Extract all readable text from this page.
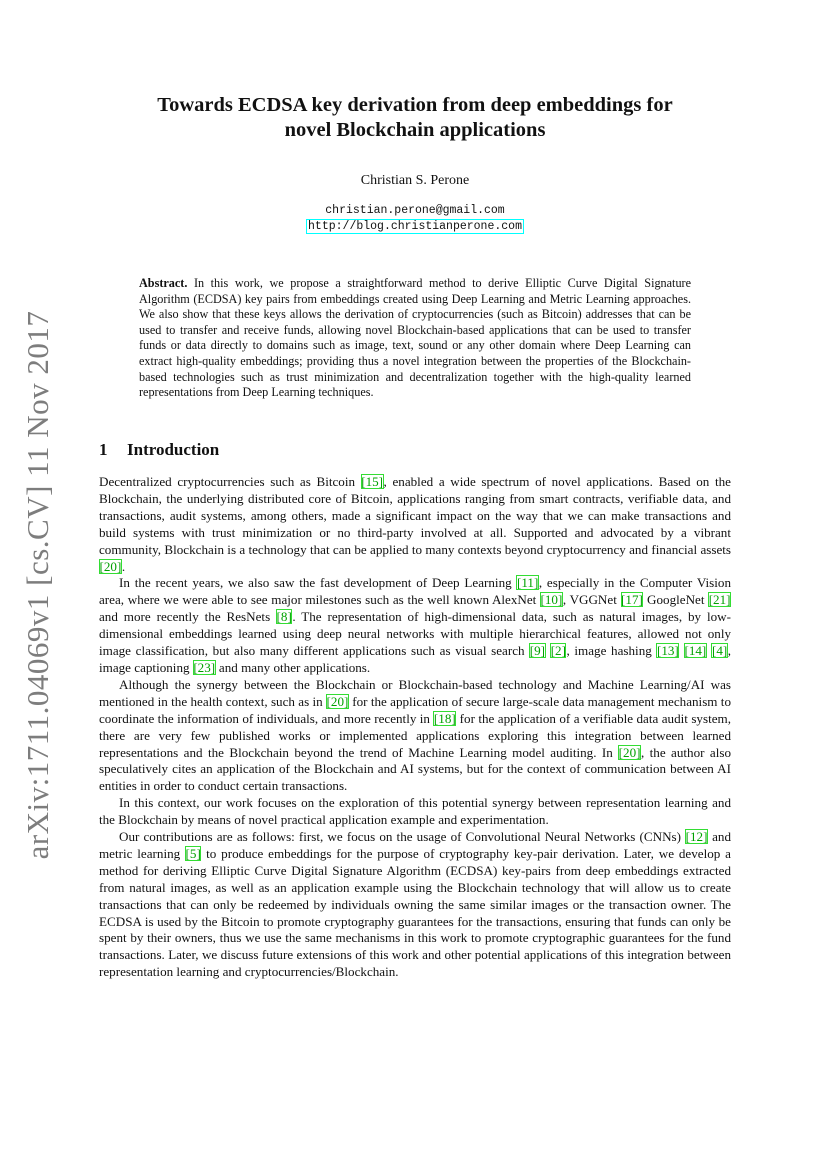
arXiv:1711.04069v1 [cs.CV] 11 Nov 2017
Towards ECDSA key derivation from deep embeddings for
novel Blockchain applications
Christian S. Perone
christian.perone@gmail.com
http://blog.christianperone.com

Abstract. In this work, we propose a straightforward method to derive Elliptic Curve Digital Signature Algorithm (ECDSA) key pairs from embeddings created using Deep Learning and Metric Learning approaches. We also show that these keys allows the derivation of cryptocurrencies (such as Bitcoin) addresses that can be used to transfer and receive funds, allowing novel Blockchain-based applications that can be used to transfer funds or data directly to domains such as image, text, sound or any other domain where Deep Learning can extract high-quality embeddings; providing thus a novel integration between the properties of the Blockchain-based technologies such as trust minimization and decentralization together with the high-quality learned representations from Deep Learning techniques.

1 Introduction

Decentralized cryptocurrencies such as Bitcoin [15], enabled a wide spectrum of novel applications. Based on the Blockchain, the underlying distributed core of Bitcoin, applications ranging from smart contracts, verifiable data, and transactions, audit systems, among others, made a significant impact on the way that we can make transactions and build systems with trust minimization or no third-party involved at all. Supported and advocated by a vibrant community, Blockchain is a technology that can be applied to many contexts beyond cryptocurrency and financial assets [20].

In the recent years, we also saw the fast development of Deep Learning [11], especially in the Computer Vision area, where we were able to see major milestones such as the well known AlexNet [10], VGGNet [17] GoogleNet [21] and more recently the ResNets [8]. The representation of high-dimensional data, such as natural images, by low-dimensional embeddings learned using deep neural networks with multiple hierarchical features, allowed not only image classification, but also many different applications such as visual search [9] [2], image hashing [13] [14] [4], image captioning [23] and many other applications.

Although the synergy between the Blockchain or Blockchain-based technology and Machine Learning/AI was mentioned in the health context, such as in [20] for the application of secure large-scale data management mechanism to coordinate the information of individuals, and more recently in [18] for the application of a verifiable data audit system, there are very few published works or implemented applications exploring this integration between learned representations and the Blockchain beyond the trend of Machine Learning model auditing. In [20], the author also speculatively cites an application of the Blockchain and AI systems, but for the context of communication between AI entities in order to conduct certain transactions.

In this context, our work focuses on the exploration of this potential synergy between representation learning and the Blockchain by means of novel practical application example and experimentation.

Our contributions are as follows: first, we focus on the usage of Convolutional Neural Networks (CNNs) [12] and metric learning [5] to produce embeddings for the purpose of cryptography key-pair derivation. Later, we develop a method for deriving Elliptic Curve Digital Signature Algorithm (ECDSA) key-pairs from deep embeddings extracted from natural images, as well as an application example using the Blockchain technology that will allow us to create transactions that can only be redeemed by individuals owning the same similar images or the transaction owner. The ECDSA is used by the Bitcoin to promote cryptography guarantees for the transactions, ensuring that funds can only be spent by their owners, thus we use the same mechanisms in this work to promote cryptographic guarantees for the fund transactions. Later, we discuss future extensions of this work and other potential applications of this integration between representation learning and cryptocurrencies/Blockchain.
